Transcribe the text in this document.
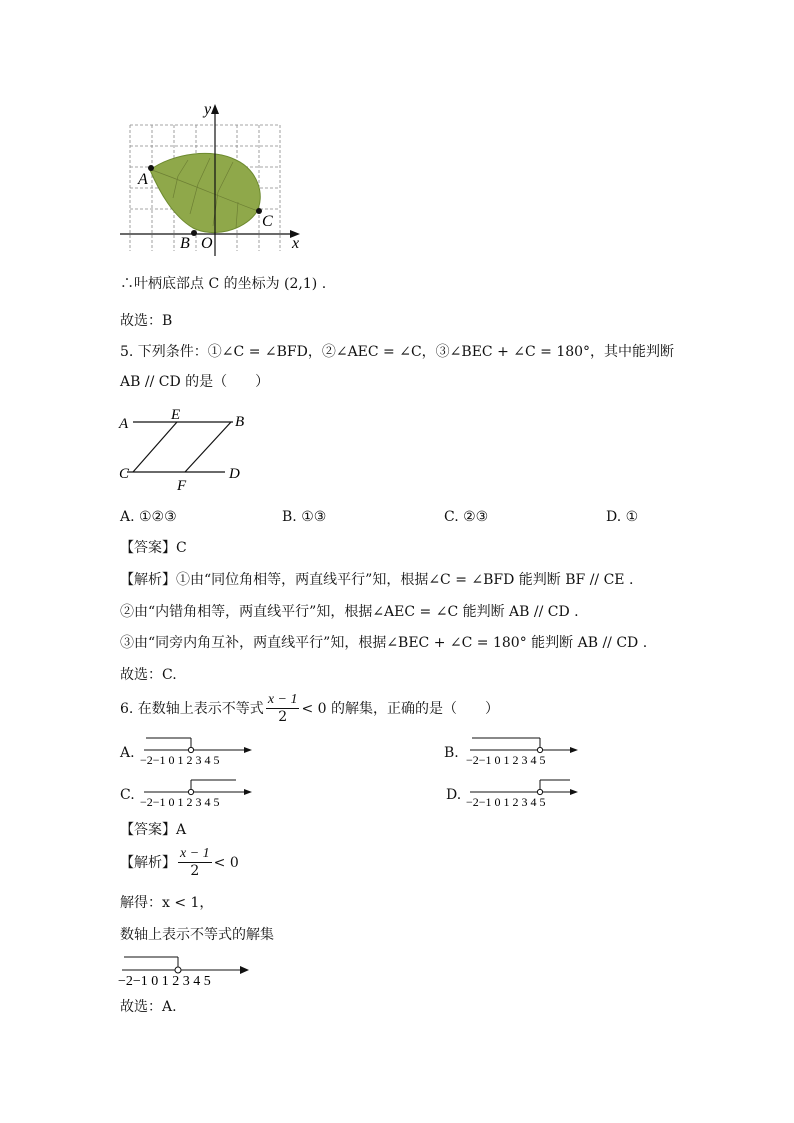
x
y
A
B
C
O
∴叶柄底部点 C 的坐标为 (2,1) .
故选：B
5. 下列条件：①∠C = ∠BFD，②∠AEC = ∠C，③∠BEC + ∠C = 180°，其中能判断
AB // CD 的是（　　）
A
E	B
C
F
D
A. ①②③	B. ①③	C. ②③	D. ①
【答案】C
【解析】①由“同位角相等，两直线平行”知，根据∠C = ∠BFD 能判断 BF // CE .
②由“内错角相等，两直线平行”知，根据∠AEC = ∠C 能判断 AB // CD .
③由“同旁内角互补，两直线平行”知，根据∠BEC + ∠C = 180° 能判断 AB // CD .
故选：C.
6. 在数轴上表示不等式 $\frac{x - 1}{2} < 0$ 的解集，正确的是（　　）
A. −2−1 0 1 2 3 4 5	B. −2−1 0 1 2 3 4 5
C. −2−1 0 1 2 3 4 5	D. −2−1 0 1 2 3 4 5
【答案】A
【解析】 $\frac{x - 1}{2} < 0$
解得：x < 1，
数轴上表示不等式的解集
−2−1 0 1 2 3 4 5
故选：A.
